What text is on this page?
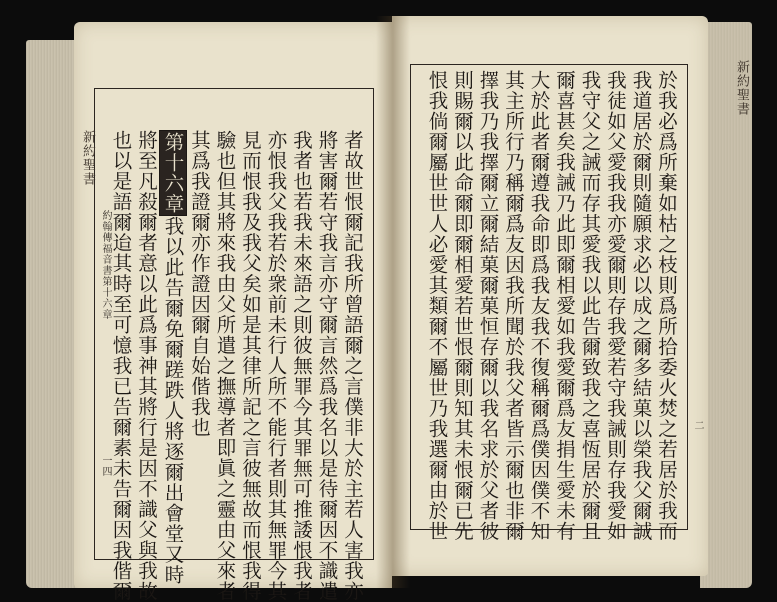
新約聖書
約翰傳福音書第十六章
一四
新約聖書
二
者故世恨爾記我所曾語爾之言僕非大於主若人害我亦
將害爾若守我言亦守爾言然爲我名以是待爾因不識遣
我者也若我未來語之則彼無罪今其罪無可推諉恨我者
亦恨我父我若於衆前未行人所不能行者則其無罪今其
見而恨我及我父矣如是其律所記之言彼無故而恨我得
驗也但其將來我由父所遣之撫導者即眞之靈由父來者
其爲我證爾亦作證因爾自始偕我也
第十六章我以此告爾免爾蹉跌人將逐爾出會堂又時
將至凡殺爾者意以此爲事神其將行是因不識父與我故
也以是語爾迨其時至可憶我已告爾素未告爾因我偕爾	於我必爲所棄如枯之枝則爲所拾委火焚之若居於我而
我道居於爾則隨願求必以成之爾多結菓以榮我父爾誠
我徒如父愛我我亦愛爾則存我愛若守我誡則存我愛如
我守父之誡而存其愛我以此告爾致我之喜恆居於爾且
爾喜甚矣我誡乃此即爾相愛如我愛爾爲友捐生愛未有
大於此者爾遵我命即爲我友我不復稱爾爲僕因僕不知
其主所行乃稱爾爲友因我所聞於我父者皆示爾也非爾
擇我乃我擇爾立爾結菓爾菓恒存爾以我名求於父者彼
則賜爾以此命爾即爾相愛若世恨爾則知其未恨爾已先
恨我倘爾屬世世人必愛其類爾不屬世乃我選爾由於世
